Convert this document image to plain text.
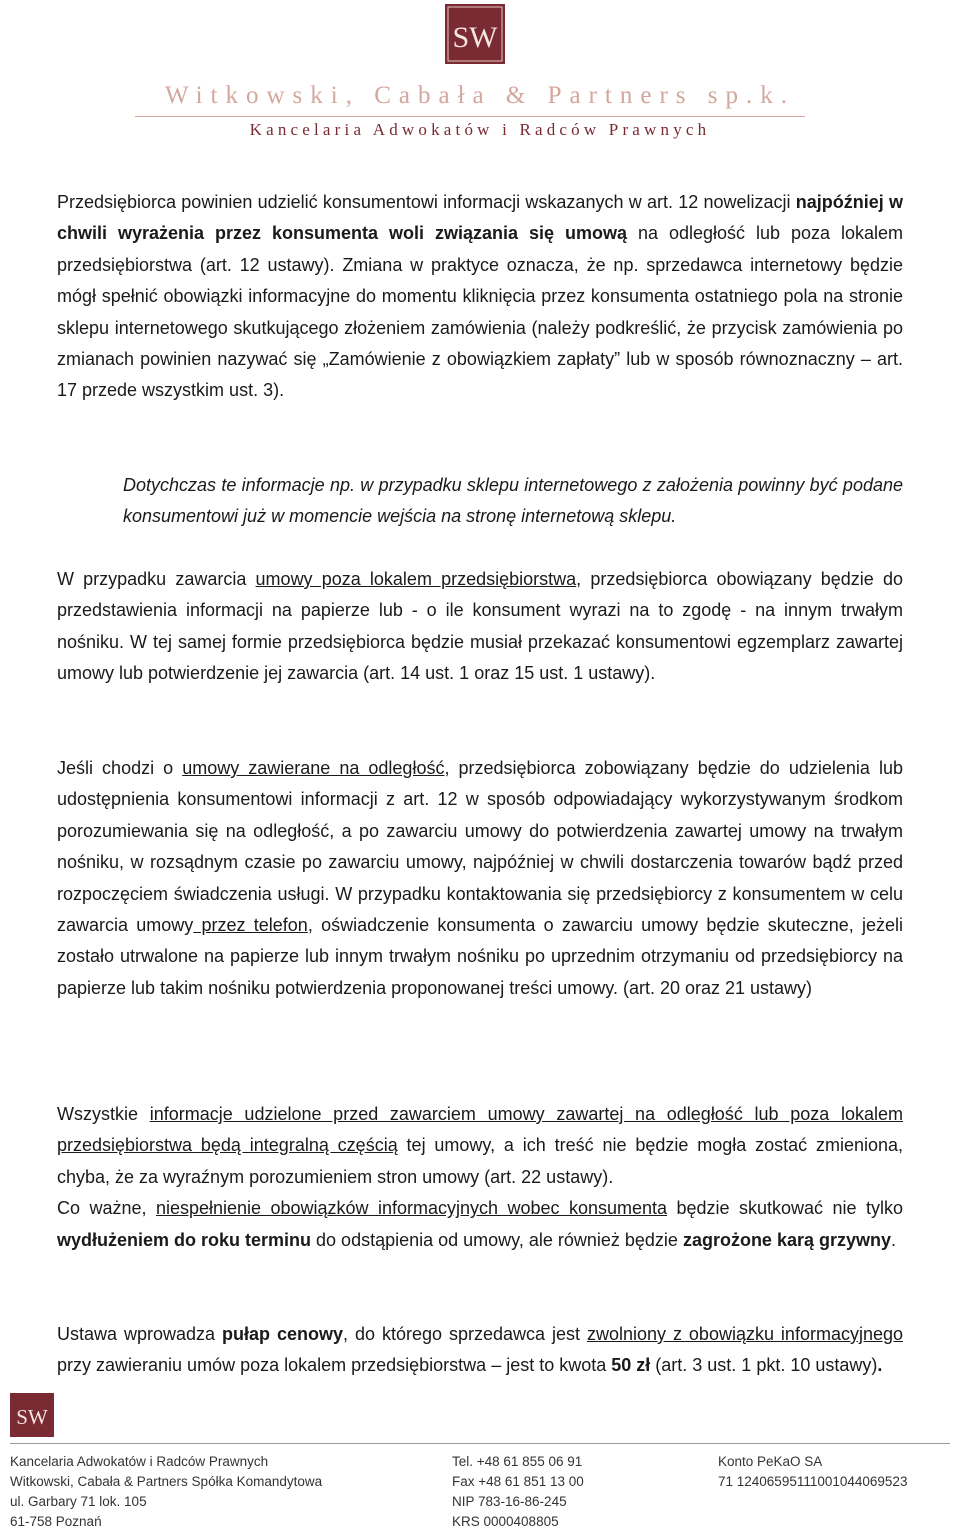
SW
Witkowski, Cabała & Partners sp.k.
Kancelaria Adwokatów i Radców Prawnych

Przedsiębiorca powinien udzielić konsumentowi informacji wskazanych w art. 12 nowelizacji najpóźniej w chwili wyrażenia przez konsumenta woli związania się umową na odległość lub poza lokalem przedsiębiorstwa (art. 12 ustawy). Zmiana w praktyce oznacza, że np. sprzedawca internetowy będzie mógł spełnić obowiązki informacyjne do momentu kliknięcia przez konsumenta ostatniego pola na stronie sklepu internetowego skutkującego złożeniem zamówienia (należy podkreślić, że przycisk zamówienia po zmianach powinien nazywać się „Zamówienie z obowiązkiem zapłaty” lub w sposób równoznaczny – art. 17 przede wszystkim ust. 3).

Dotychczas te informacje np. w przypadku sklepu internetowego z założenia powinny być podane konsumentowi już w momencie wejścia na stronę internetową sklepu.

W przypadku zawarcia umowy poza lokalem przedsiębiorstwa, przedsiębiorca obowiązany będzie do przedstawienia informacji na papierze lub - o ile konsument wyrazi na to zgodę - na innym trwałym nośniku. W tej samej formie przedsiębiorca będzie musiał przekazać konsumentowi egzemplarz zawartej umowy lub potwierdzenie jej zawarcia (art. 14 ust. 1 oraz 15 ust. 1 ustawy).

Jeśli chodzi o umowy zawierane na odległość, przedsiębiorca zobowiązany będzie do udzielenia lub udostępnienia konsumentowi informacji z art. 12 w sposób odpowiadający wykorzystywanym środkom porozumiewania się na odległość, a po zawarciu umowy do potwierdzenia zawartej umowy na trwałym nośniku, w rozsądnym czasie po zawarciu umowy, najpóźniej w chwili dostarczenia towarów bądź przed rozpoczęciem świadczenia usługi. W przypadku kontaktowania się przedsiębiorcy z konsumentem w celu zawarcia umowy przez telefon, oświadczenie konsumenta o zawarciu umowy będzie skuteczne, jeżeli zostało utrwalone na papierze lub innym trwałym nośniku po uprzednim otrzymaniu od przedsiębiorcy na papierze lub takim nośniku potwierdzenia proponowanej treści umowy. (art. 20 oraz 21 ustawy)

Wszystkie informacje udzielone przed zawarciem umowy zawartej na odległość lub poza lokalem przedsiębiorstwa będą integralną częścią tej umowy, a ich treść nie będzie mogła zostać zmieniona, chyba, że za wyraźnym porozumieniem stron umowy (art. 22 ustawy).
Co ważne, niespełnienie obowiązków informacyjnych wobec konsumenta będzie skutkować nie tylko wydłużeniem do roku terminu do odstąpienia od umowy, ale również będzie zagrożone karą grzywny.

Ustawa wprowadza pułap cenowy, do którego sprzedawca jest zwolniony z obowiązku informacyjnego przy zawieraniu umów poza lokalem przedsiębiorstwa – jest to kwota 50 zł (art. 3 ust. 1 pkt. 10 ustawy).

SW
Kancelaria Adwokatów i Radców Prawnych
Witkowski, Cabała & Partners Spółka Komandytowa
ul. Garbary 71 lok. 105
61-758 Poznań
Tel. +48 61 855 06 91
Fax +48 61 851 13 00
NIP 783-16-86-245
KRS 0000408805
Konto PeKaO SA
71 12406595111001044069523
